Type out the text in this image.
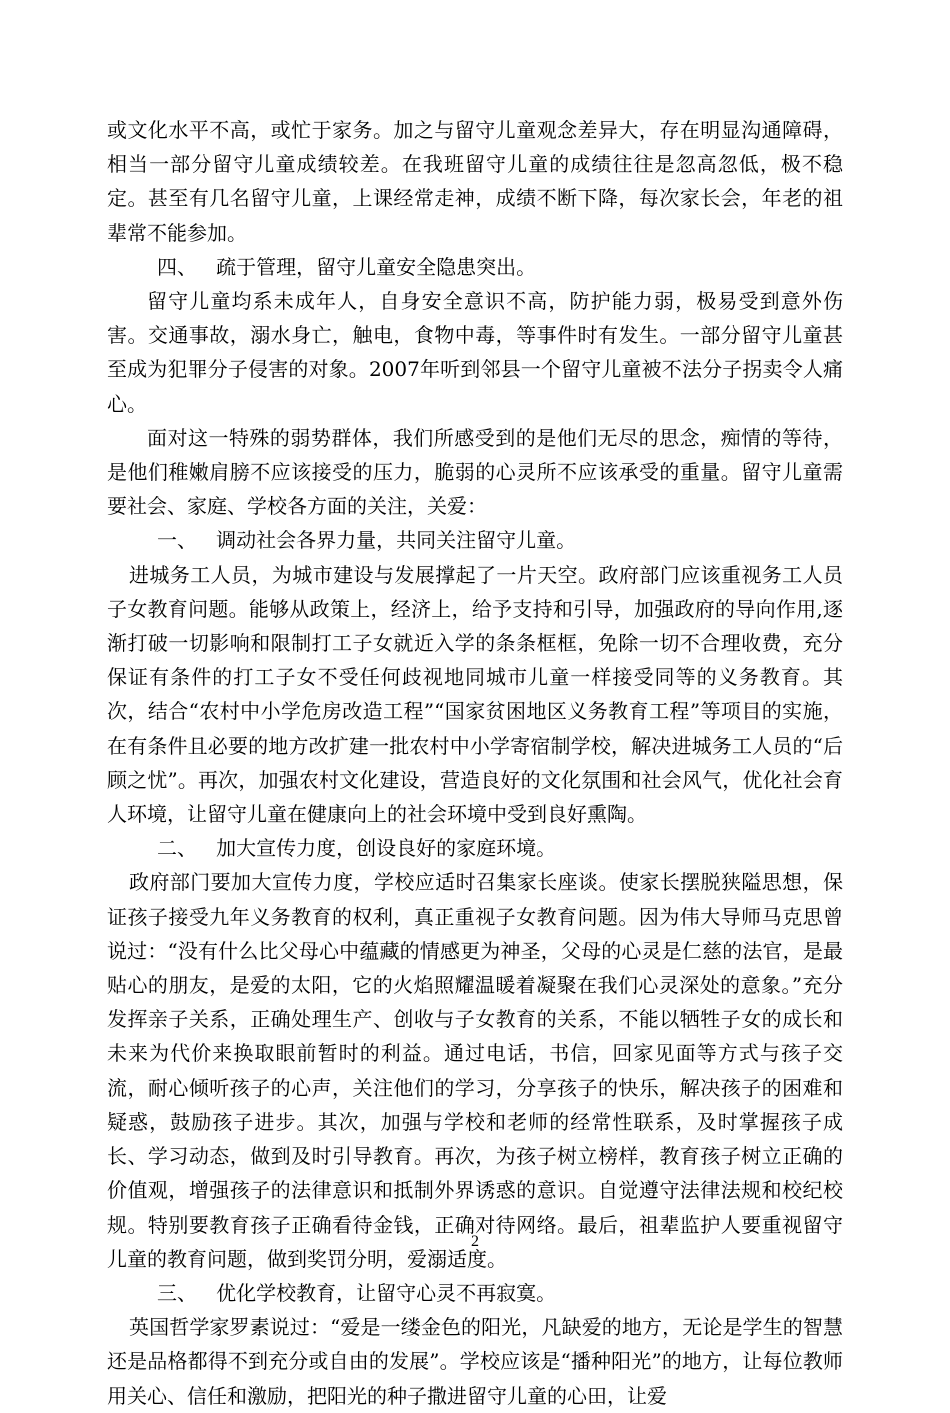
或文化水平不高，或忙于家务。加之与留守儿童观念差异大，存在明显沟通障碍，相当一部分留守儿童成绩较差。在我班留守儿童的成绩往往是忽高忽低，极不稳定。甚至有几名留守儿童，上课经常走神，成绩不断下降，每次家长会，年老的祖辈常不能参加。

四、   疏于管理，留守儿童安全隐患突出。

留守儿童均系未成年人，自身安全意识不高，防护能力弱，极易受到意外伤害。交通事故，溺水身亡，触电，食物中毒，等事件时有发生。一部分留守儿童甚至成为犯罪分子侵害的对象。2007年听到邻县一个留守儿童被不法分子拐卖令人痛心。

面对这一特殊的弱势群体，我们所感受到的是他们无尽的思念，痴情的等待，是他们稚嫩肩膀不应该接受的压力，脆弱的心灵所不应该承受的重量。留守儿童需要社会、家庭、学校各方面的关注，关爱：

一、   调动社会各界力量，共同关注留守儿童。

进城务工人员，为城市建设与发展撑起了一片天空。政府部门应该重视务工人员子女教育问题。能够从政策上，经济上，给予支持和引导，加强政府的导向作用,逐渐打破一切影响和限制打工子女就近入学的条条框框，免除一切不合理收费，充分保证有条件的打工子女不受任何歧视地同城市儿童一样接受同等的义务教育。其次，结合“农村中小学危房改造工程”“国家贫困地区义务教育工程”等项目的实施，在有条件且必要的地方改扩建一批农村中小学寄宿制学校，解决进城务工人员的“后顾之忧”。再次，加强农村文化建设，营造良好的文化氛围和社会风气，优化社会育人环境，让留守儿童在健康向上的社会环境中受到良好熏陶。

二、   加大宣传力度，创设良好的家庭环境。

政府部门要加大宣传力度，学校应适时召集家长座谈。使家长摆脱狭隘思想，保证孩子接受九年义务教育的权利，真正重视子女教育问题。因为伟大导师马克思曾说过：“没有什么比父母心中蕴藏的情感更为神圣，父母的心灵是仁慈的法官，是最贴心的朋友，是爱的太阳，它的火焰照耀温暖着凝聚在我们心灵深处的意象。”充分发挥亲子关系，正确处理生产、创收与子女教育的关系，不能以牺牲子女的成长和未来为代价来换取眼前暂时的利益。通过电话，书信，回家见面等方式与孩子交流，耐心倾听孩子的心声，关注他们的学习，分享孩子的快乐，解决孩子的困难和疑惑，鼓励孩子进步。其次，加强与学校和老师的经常性联系，及时掌握孩子成长、学习动态，做到及时引导教育。再次，为孩子树立榜样，教育孩子树立正确的价值观，增强孩子的法律意识和抵制外界诱惑的意识。自觉遵守法律法规和校纪校规。特别要教育孩子正确看待金钱，正确对待网络。最后，祖辈监护人要重视留守儿童的教育问题，做到奖罚分明，爱溺适度。

三、   优化学校教育，让留守心灵不再寂寞。

英国哲学家罗素说过：“爱是一缕金色的阳光，凡缺爱的地方，无论是学生的智慧还是品格都得不到充分或自由的发展”。学校应该是“播种阳光”的地方，让每位教师用关心、信任和激励，把阳光的种子撒进留守儿童的心田，让爱

2
